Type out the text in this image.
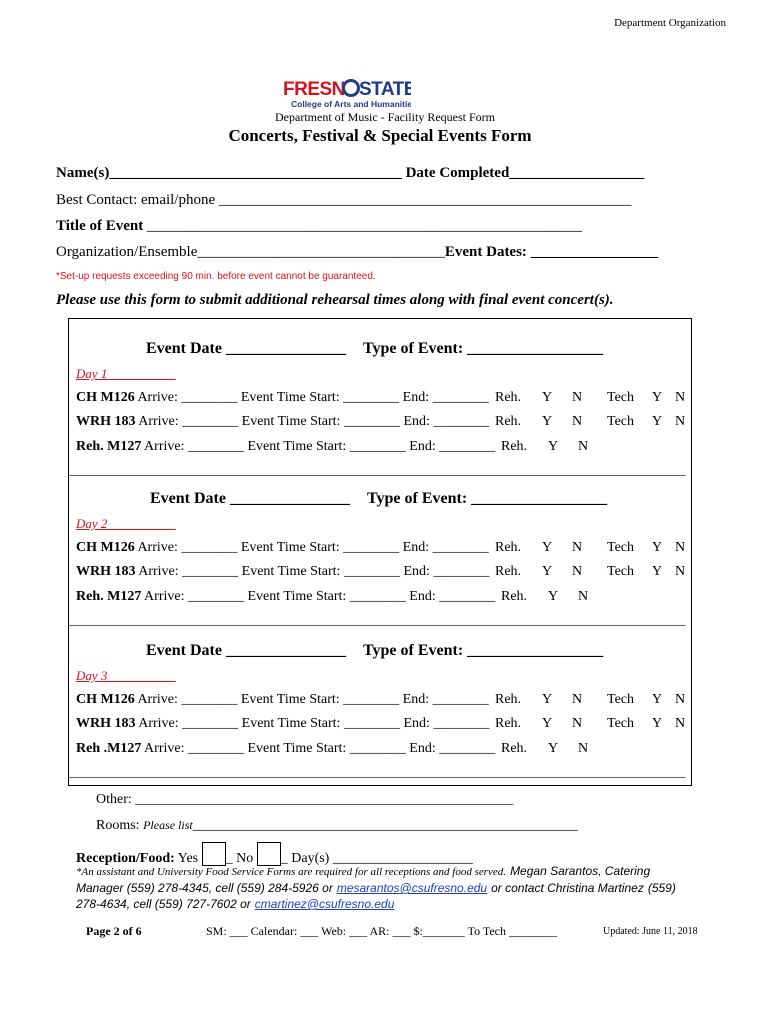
Department Organization
FRESN STATE
College of Arts and Humanities
Department of Music - Facility Request Form
Concerts, Festival & Special Events Form
Name(s)_______________________________________ Date Completed__________________
Best Contact: email/phone _______________________________________________________
Title of Event __________________________________________________________
Organization/Ensemble_________________________________Event Dates: _________________
*Set-up requests exceeding 90 min. before event cannot be guaranteed.
Please use this form to submit additional rehearsal times along with final event concert(s).
Event Date _______________ Type of Event: _________________
Day 1 __________
CH M126 Arrive: ________ Event Time Start: ________ End: ________ Reh. Y N Tech Y N
WRH 183 Arrive: ________ Event Time Start: ________ End: ________ Reh. Y N Tech Y N
Reh. M127 Arrive: ________ Event Time Start: ________ End: ________ Reh. Y N
_______________________________________________________________________________________________
Event Date _______________ Type of Event: _________________
Day 2 __________
CH M126 Arrive: ________ Event Time Start: ________ End: ________ Reh. Y N Tech Y N
WRH 183 Arrive: ________ Event Time Start: ________ End: ________ Reh. Y N Tech Y N
Reh. M127 Arrive: ________ Event Time Start: ________ End: ________ Reh. Y N
_______________________________________________________________________________________________
Event Date _______________ Type of Event: _________________
Day 3 __________
CH M126 Arrive: ________ Event Time Start: ________ End: ________ Reh. Y N Tech Y N
WRH 183 Arrive: ________ Event Time Start: ________ End: ________ Reh. Y N Tech Y N
Reh .M127 Arrive: ________ Event Time Start: ________ End: ________ Reh. Y N
_______________________________________________________________________________________________
Other: ______________________________________________________
Rooms: Please list_______________________________________________________
Reception/Food: Yes _ No _ Day(s) ____________________
*An assistant and University Food Service Forms are required for all receptions and food served. Megan Sarantos, Catering Manager (559) 278-4345, cell (559) 284-5926 or mesarantos@csufresno.edu or contact Christina Martinez (559) 278-4634, cell (559) 727-7602 or cmartinez@csufresno.edu
Page 2 of 6	SM: ___ Calendar: ___ Web: ___ AR: ___ $:_______ To Tech ________	Updated: June 11, 2018
